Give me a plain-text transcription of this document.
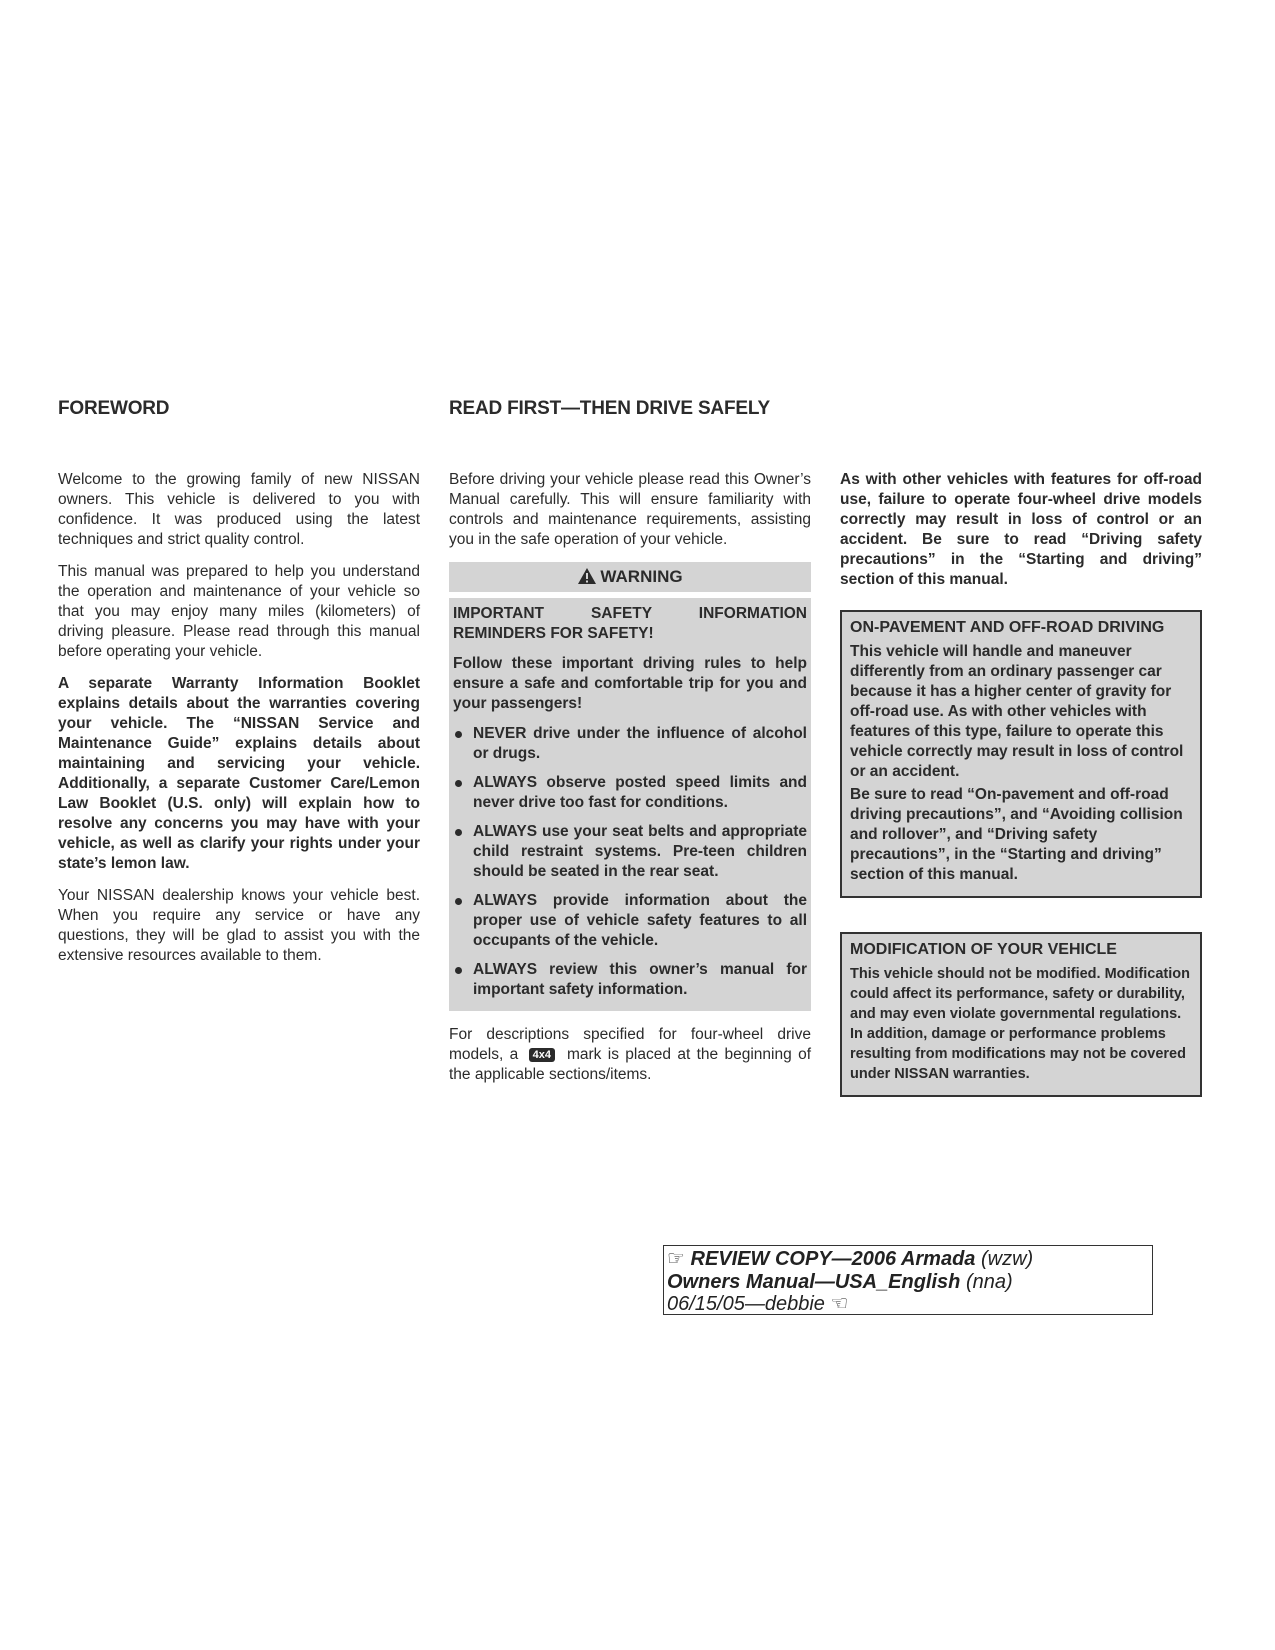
FOREWORD	READ FIRST—THEN DRIVE SAFELY

Welcome to the growing family of new NISSAN owners. This vehicle is delivered to you with confidence. It was produced using the latest techniques and strict quality control.

This manual was prepared to help you understand the operation and maintenance of your vehicle so that you may enjoy many miles (kilometers) of driving pleasure. Please read through this manual before operating your vehicle.

A separate Warranty Information Booklet explains details about the warranties covering your vehicle. The “NISSAN Service and Maintenance Guide” explains details about maintaining and servicing your vehicle. Additionally, a separate Customer Care/Lemon Law Booklet (U.S. only) will explain how to resolve any concerns you may have with your vehicle, as well as clarify your rights under your state’s lemon law.

Your NISSAN dealership knows your vehicle best. When you require any service or have any questions, they will be glad to assist you with the extensive resources available to them.

Before driving your vehicle please read this Owner’s Manual carefully. This will ensure familiarity with controls and maintenance requirements, assisting you in the safe operation of your vehicle.

WARNING

IMPORTANT SAFETY INFORMATION REMINDERS FOR SAFETY!

Follow these important driving rules to help ensure a safe and comfortable trip for you and your passengers!

NEVER drive under the influence of alcohol or drugs.
ALWAYS observe posted speed limits and never drive too fast for conditions.
ALWAYS use your seat belts and appropriate child restraint systems. Pre-teen children should be seated in the rear seat.
ALWAYS provide information about the proper use of vehicle safety features to all occupants of the vehicle.
ALWAYS review this owner’s manual for important safety information.

For descriptions specified for four-wheel drive models, a 4x4 mark is placed at the beginning of the applicable sections/items.

As with other vehicles with features for off-road use, failure to operate four-wheel drive models correctly may result in loss of control or an accident. Be sure to read “Driving safety precautions” in the “Starting and driving” section of this manual.

ON-PAVEMENT AND OFF-ROAD DRIVING

This vehicle will handle and maneuver differently from an ordinary passenger car because it has a higher center of gravity for off-road use. As with other vehicles with features of this type, failure to operate this vehicle correctly may result in loss of control or an accident.

Be sure to read “On-pavement and off-road driving precautions”, and “Avoiding collision and rollover”, and “Driving safety precautions”, in the “Starting and driving” section of this manual.

MODIFICATION OF YOUR VEHICLE

This vehicle should not be modified. Modification could affect its performance, safety or durability, and may even violate governmental regulations. In addition, damage or performance problems resulting from modifications may not be covered under NISSAN warranties.

☞ REVIEW COPY—2006 Armada (wzw)
Owners Manual—USA_English (nna)
06/15/05—debbie ☜
